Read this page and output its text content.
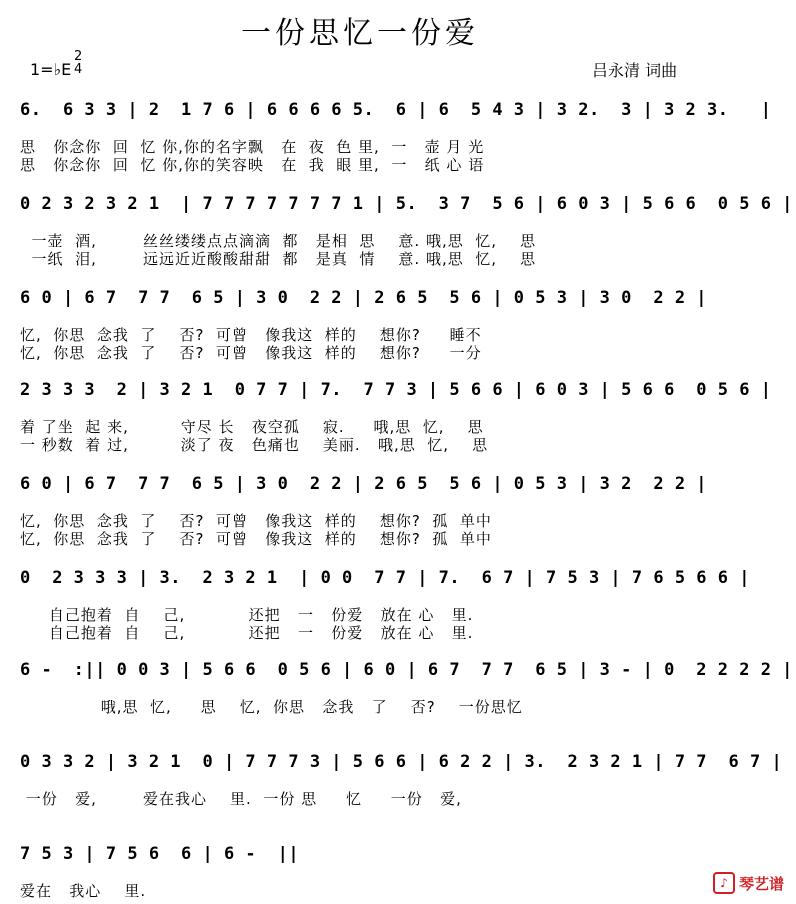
一份思忆一份爱
1=♭E
2
4	吕永清 词曲
6.  6 3 3 | 2  1 7 6 | 6 6 6 6 5.  6 | 6  5 4 3 | 3 2.  3 | 3 2 3.   |
思   你念你  回  忆 你,你的名字飘   在  夜  色 里,  一   壶 月 光
思   你念你  回  忆 你,你的笑容映   在  我  眼 里,  一   纸 心 语
0 2 3 2 3 2 1  | 7 7 7 7 7 7 7 1 | 5.  3 7  5 6 | 6 0 3 | 5 6 6  0 5 6 |
一壶  酒,        丝丝缕缕点点滴滴  都   是相  思    意. 哦,思  忆,    思
一纸  泪,        远远近近酸酸甜甜  都   是真  情    意. 哦,思  忆,    思
6 0 | 6 7  7 7  6 5 | 3 0  2 2 | 2 6 5  5 6 | 0 5 3 | 3 0  2 2 |
忆,  你思  念我  了    否?  可曾   像我这  样的    想你?     睡不
忆,  你思  念我  了    否?  可曾   像我这  样的    想你?     一分
2 3 3 3  2 | 3 2 1  0 7 7 | 7.  7 7 3 | 5 6 6 | 6 0 3 | 5 6 6  0 5 6 |
着 了坐  起 来,         守尽 长   夜空孤    寂.     哦,思  忆,    思
一 秒数  着 过,         淡了 夜   色痛也    美丽.   哦,思  忆,    思
6 0 | 6 7  7 7  6 5 | 3 0  2 2 | 2 6 5  5 6 | 0 5 3 | 3 2  2 2 |
忆,  你思  念我  了    否?  可曾   像我这  样的    想你?  孤  单中
忆,  你思  念我  了    否?  可曾   像我这  样的    想你?  孤  单中
0  2 3 3 3 | 3.  2 3 2 1  | 0 0  7 7 | 7.  6 7 | 7 5 3 | 7 6 5 6 6 |
自己抱着  自    己,           还把   一   份爱   放在 心   里.
自己抱着  自    己,           还把   一   份爱   放在 心   里.
6 -  :|| 0 0 3 | 5 6 6  0 5 6 | 6 0 | 6 7  7 7  6 5 | 3 - | 0  2 2 2 2 |
哦,思  忆,     思    忆,  你思   念我   了    否?    一份思忆
0 3 3 2 | 3 2 1  0 | 7 7 7 3 | 5 6 6 | 6 2 2 | 3.  2 3 2 1 | 7 7  6 7 |
一份   爱,        爱在我心    里.  一份 思     忆     一份   爱,
7 5 3 | 7 5 6  6 | 6 -  ||
爱在   我心    里.	♪ 琴艺谱
